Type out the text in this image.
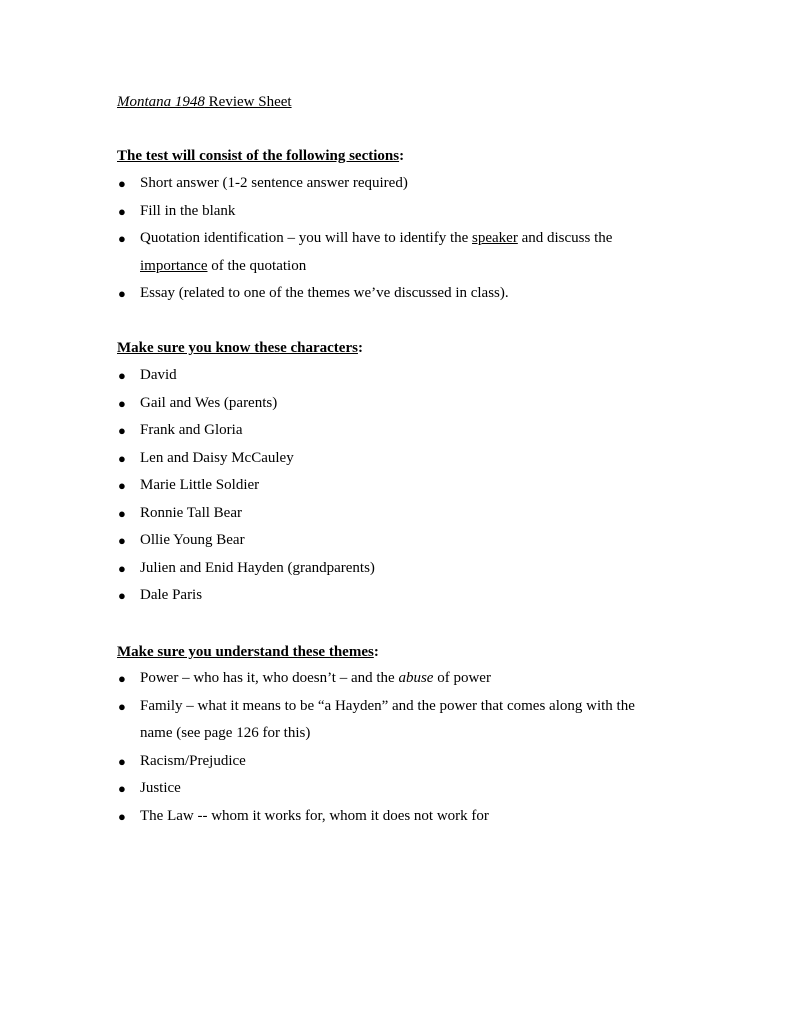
Montana 1948 Review Sheet
The test will consist of the following sections:
● Short answer (1-2 sentence answer required)
● Fill in the blank
● Quotation identification – you will have to identify the speaker and discuss the
importance of the quotation
● Essay (related to one of the themes we’ve discussed in class).
Make sure you know these characters:
● David
● Gail and Wes (parents)
● Frank and Gloria
● Len and Daisy McCauley
● Marie Little Soldier
● Ronnie Tall Bear
● Ollie Young Bear
● Julien and Enid Hayden (grandparents)
● Dale Paris
Make sure you understand these themes:
● Power – who has it, who doesn’t – and the abuse of power
● Family – what it means to be “a Hayden” and the power that comes along with the
name (see page 126 for this)
● Racism/Prejudice
● Justice
● The Law -- whom it works for, whom it does not work for
